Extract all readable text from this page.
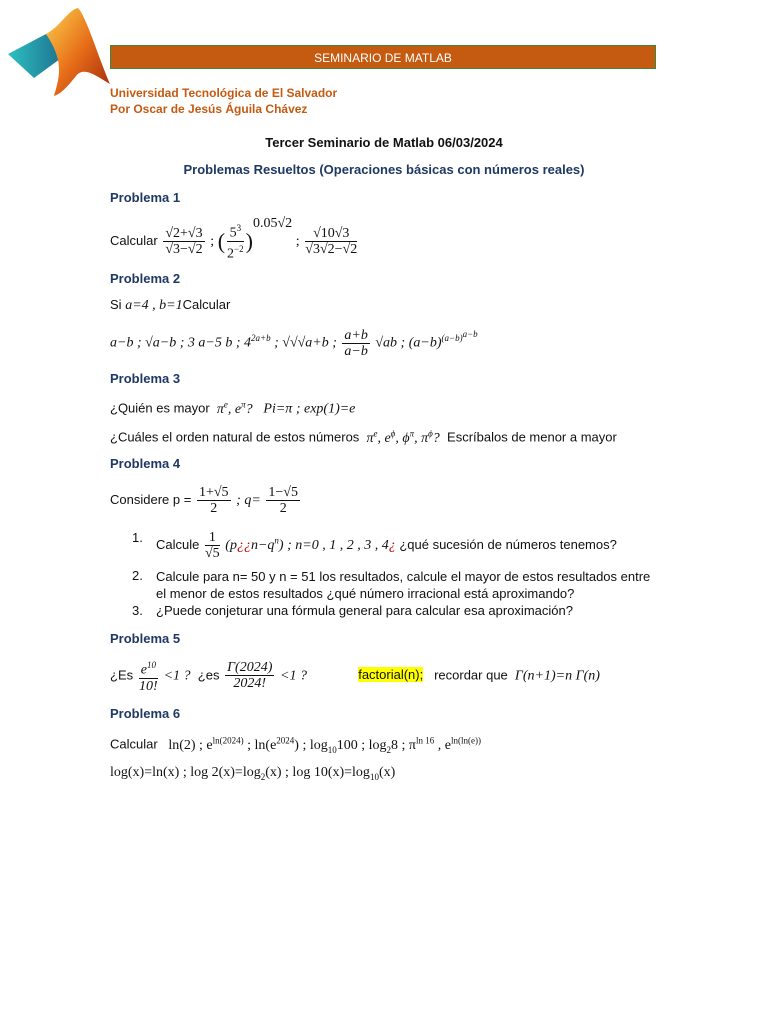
SEMINARIO DE MATLAB
Universidad Tecnológica de El Salvador
Por Oscar de Jesús Águila Chávez
Tercer Seminario de Matlab 06/03/2024
Problemas Resueltos (Operaciones básicas con números reales)
Problema 1
Calcular $\frac{√2+√3}{√3-√2}$ ; ( $\frac{5^3}{2^{-2}} )^{0.05√2}$ ; $\frac{√10√3}{√3√2-√2}$
Problema 2
Si a=4 , b=1Calcular
a−b ; √a−b ; 3 a−5 b ; $4^{2a+b}$ ; √√√a+b ; $\frac{a+b}{a-b} √ab$ ; $(a-b)^{(a-b)^{a-b}}$
Problema 3
¿Quién es mayor  $\pi^e$, $e^\pi$? Pi=π ; exp(1)=e
¿Cuáles el orden natural de estos números  $\pi^e$, $e^\phi$, $\phi^\pi$, $\pi^\phi$? Escríbalos de menor a mayor
Problema 4
Considere $p = \frac{1+√5}{2}$ ; $q= \frac{1-√5}{2}$
1. Calcule $\frac{1}{√5}$ $(p¿¿n-q^n)$ ; n=0 , 1 , 2 , 3 , 4¿ ¿qué sucesión de números tenemos?
2. Calcule para n= 50 y n = 51 los resultados, calcule el mayor de estos resultados entre el menor de estos resultados ¿qué número irracional está aproximando?
3. ¿Puede conjeturar una fórmula general para calcular esa aproximación?
Problema 5
¿$Es \frac{e^{10}}{10!} <1$ ? ¿es $\frac{\Gamma(2024)}{2024!} <1$ ?	factorial(n); recordar que  Γ(n+1)=n Γ(n)
Problema 6
Calcular   ln(2) ; $e^{ln(2024)}$ ; $\ln(e^{2024})$ ; $\log_{10}100$ ; $\log_28$ ; $\pi^{ln 16}$ , $e^{ln(ln(e))}$
log(x)=ln(x) ; $\log 2(x)=\log_2(x)$ ; $\log 10(x)=\log_{10}(x)$
